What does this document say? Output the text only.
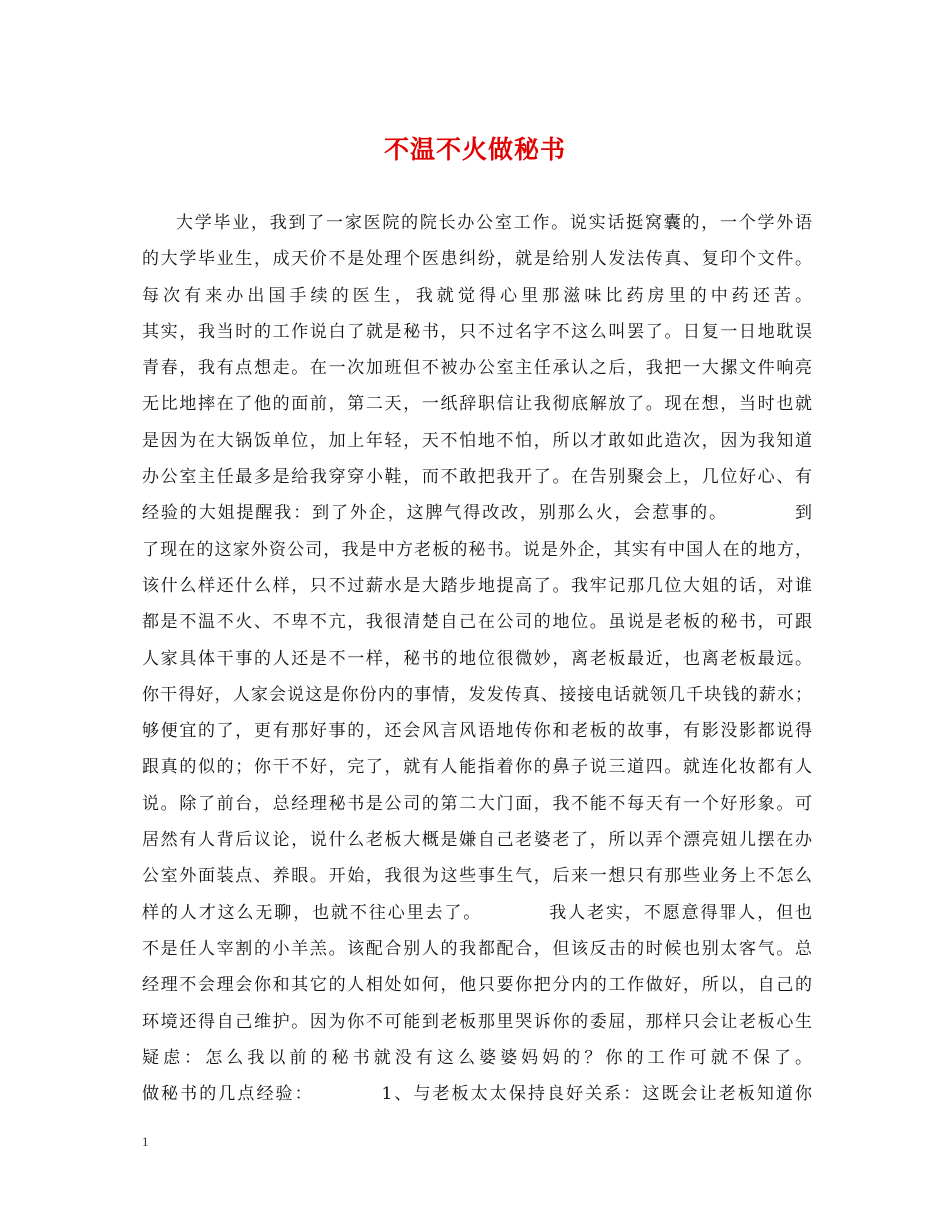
不温不火做秘书
大学毕业，我到了一家医院的院长办公室工作。说实话挺窝囊的，一个学外语
的大学毕业生，成天价不是处理个医患纠纷，就是给别人发法传真、复印个文件。
每次有来办出国手续的医生，我就觉得心里那滋味比药房里的中药还苦。
其实，我当时的工作说白了就是秘书，只不过名字不这么叫罢了。日复一日地耽误
青春，我有点想走。在一次加班但不被办公室主任承认之后，我把一大摞文件响亮
无比地摔在了他的面前，第二天，一纸辞职信让我彻底解放了。现在想，当时也就
是因为在大锅饭单位，加上年轻，天不怕地不怕，所以才敢如此造次，因为我知道
办公室主任最多是给我穿穿小鞋，而不敢把我开了。在告别聚会上，几位好心、有
经验的大姐提醒我：到了外企，这脾气得改改，别那么火，会惹事的。　　　　到
了现在的这家外资公司，我是中方老板的秘书。说是外企，其实有中国人在的地方，
该什么样还什么样，只不过薪水是大踏步地提高了。我牢记那几位大姐的话，对谁
都是不温不火、不卑不亢，我很清楚自己在公司的地位。虽说是老板的秘书，可跟
人家具体干事的人还是不一样，秘书的地位很微妙，离老板最近，也离老板最远。
你干得好，人家会说这是你份内的事情，发发传真、接接电话就领几千块钱的薪水；
够便宜的了，更有那好事的，还会风言风语地传你和老板的故事，有影没影都说得
跟真的似的；你干不好，完了，就有人能指着你的鼻子说三道四。就连化妆都有人
说。除了前台，总经理秘书是公司的第二大门面，我不能不每天有一个好形象。可
居然有人背后议论，说什么老板大概是嫌自己老婆老了，所以弄个漂亮妞儿摆在办
公室外面装点、养眼。开始，我很为这些事生气，后来一想只有那些业务上不怎么
样的人才这么无聊，也就不往心里去了。　　　　我人老实，不愿意得罪人，但也
不是任人宰割的小羊羔。该配合别人的我都配合，但该反击的时候也别太客气。总
经理不会理会你和其它的人相处如何，他只要你把分内的工作做好，所以，自己的
环境还得自己维护。因为你不可能到老板那里哭诉你的委屈，那样只会让老板心生
疑虑：怎么我以前的秘书就没有这么婆婆妈妈的？你的工作可就不保了。
做秘书的几点经验：　　　　1、与老板太太保持良好关系：这既会让老板知道你
1
